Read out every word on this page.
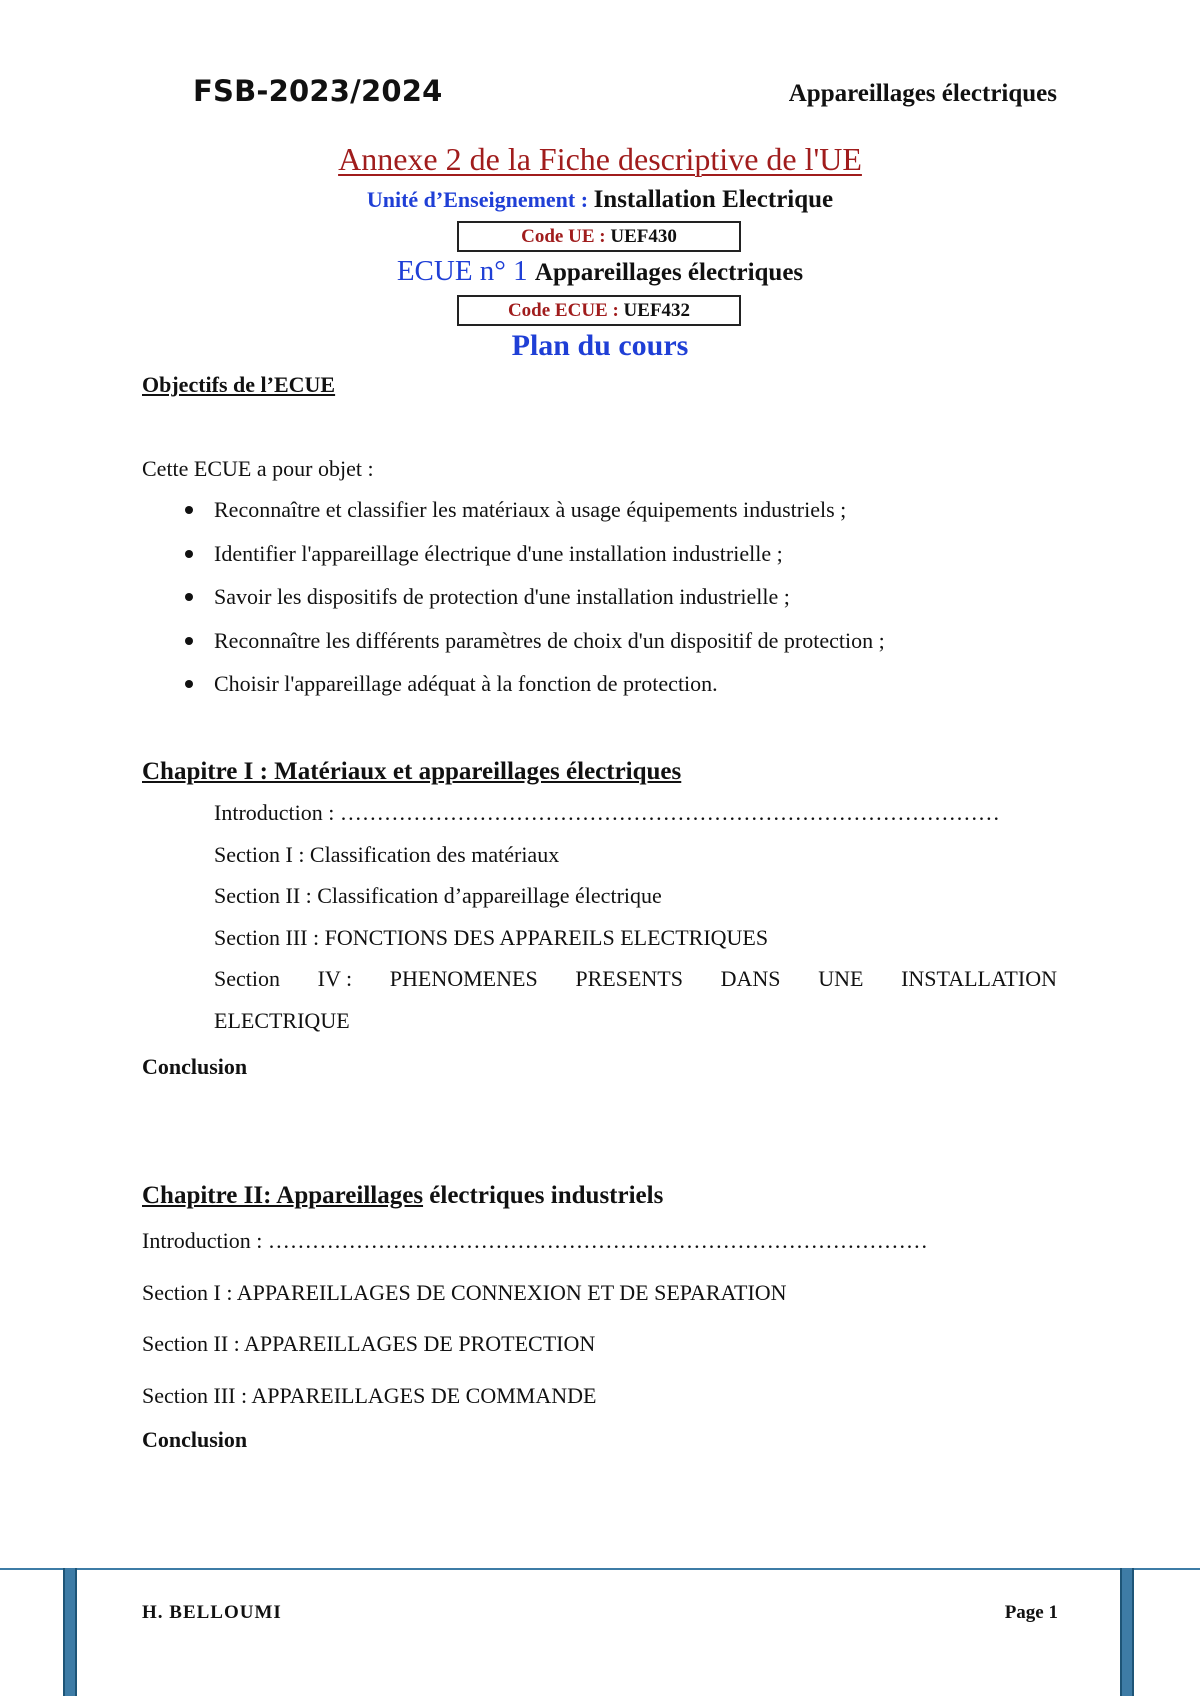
FSB-2023/2024	Appareillages électriques
Annexe 2 de la Fiche descriptive de l'UE
Unité d’Enseignement : Installation Electrique
Code UE : UEF430
ECUE n° 1 Appareillages électriques
Code ECUE : UEF432
Plan du cours
Objectifs de l’ECUE
Cette ECUE a pour objet :
Reconnaître et classifier les matériaux à usage équipements industriels ;
Identifier l'appareillage électrique d'une installation industrielle ;
Savoir les dispositifs de protection d'une installation industrielle ;
Reconnaître les différents paramètres de choix d'un dispositif de protection ;
Choisir l'appareillage adéquat à la fonction de protection.
Chapitre I : Matériaux et appareillages électriques
Introduction : ………………………………………………………………………………
Section I : Classification des matériaux
Section II : Classification d’appareillage électrique
Section III : FONCTIONS DES APPAREILS ELECTRIQUES
Section IV : PHENOMENES PRESENTS DANS UNE INSTALLATION
ELECTRIQUE
Conclusion
Chapitre II: Appareillages électriques industriels
Introduction : ………………………………………………………………………………
Section I : APPAREILLAGES DE CONNEXION ET DE SEPARATION
Section II : APPAREILLAGES DE PROTECTION
Section III : APPAREILLAGES DE COMMANDE
Conclusion
H. BELLOUMI	Page 1
